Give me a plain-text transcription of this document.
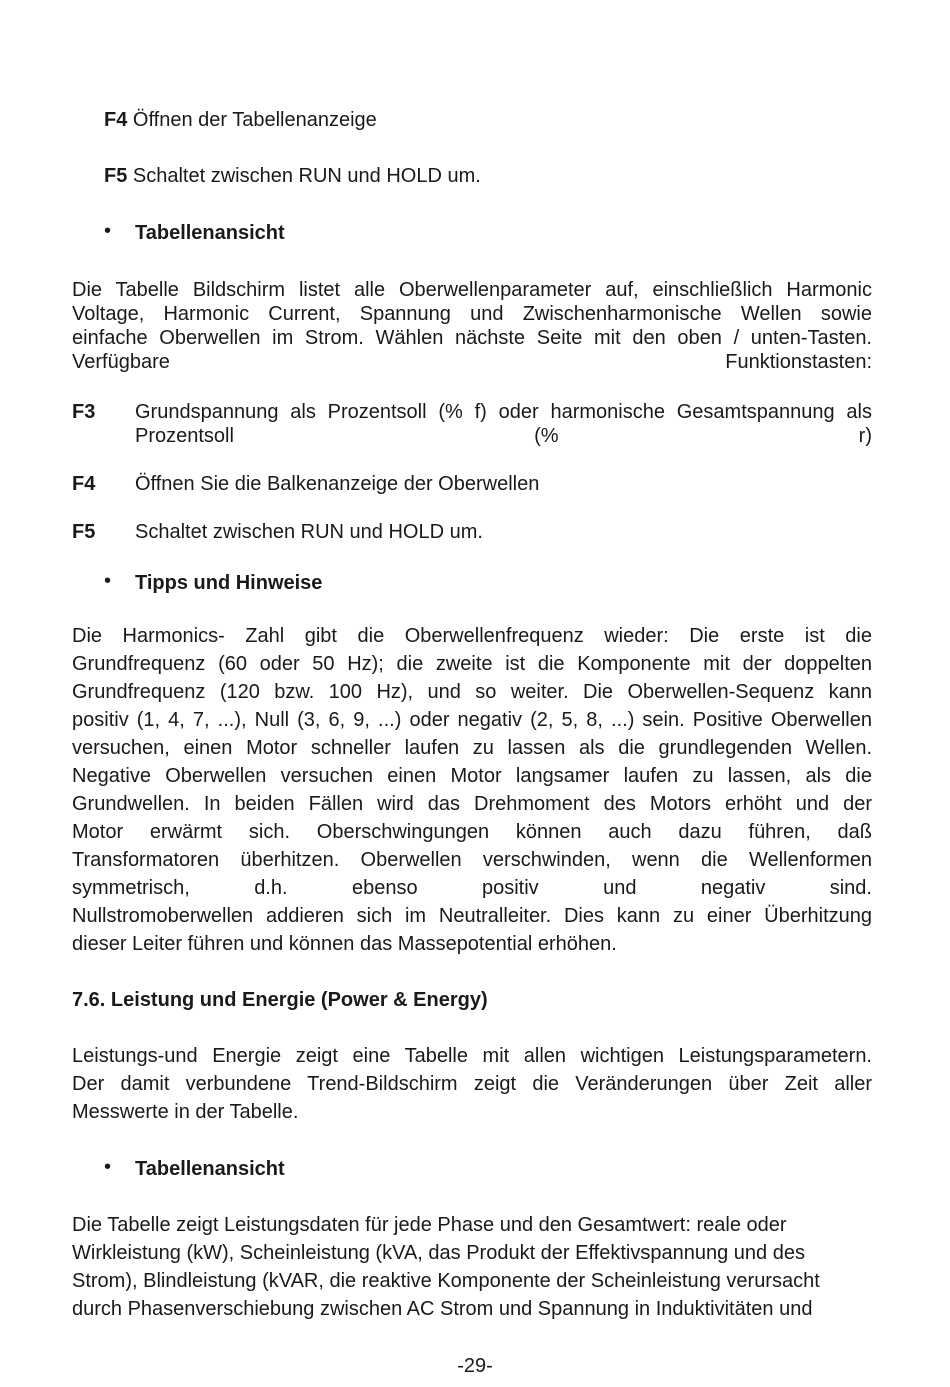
F4 Öffnen der Tabellenanzeige
F5 Schaltet zwischen RUN und HOLD um.
• Tabellenansicht
Die Tabelle Bildschirm listet alle Oberwellenparameter auf, einschließlich Harmonic
Voltage, Harmonic Current, Spannung und Zwischenharmonische Wellen sowie
einfache Oberwellen im Strom. Wählen nächste Seite mit den oben / unten-Tasten.
Verfügbare Funktionstasten:
F3 Grundspannung als Prozentsoll (% f) oder harmonische Gesamtspannung als
Prozentsoll (% r)
F4 Öffnen Sie die Balkenanzeige der Oberwellen
F5 Schaltet zwischen RUN und HOLD um.
• Tipps und Hinweise
Die Harmonics- Zahl gibt die Oberwellenfrequenz wieder: Die erste ist die
Grundfrequenz (60 oder 50 Hz); die zweite ist die Komponente mit der doppelten
Grundfrequenz (120 bzw. 100 Hz), und so weiter. Die Oberwellen-Sequenz kann
positiv (1, 4, 7, ...), Null (3, 6, 9, ...) oder negativ (2, 5, 8, ...) sein. Positive Oberwellen
versuchen, einen Motor schneller laufen zu lassen als die grundlegenden Wellen.
Negative Oberwellen versuchen einen Motor langsamer laufen zu lassen, als die
Grundwellen. In beiden Fällen wird das Drehmoment des Motors erhöht und der
Motor erwärmt sich. Oberschwingungen können auch dazu führen, daß
Transformatoren überhitzen. Oberwellen verschwinden, wenn die Wellenformen
symmetrisch, d.h. ebenso positiv und negativ sind.
Nullstromoberwellen addieren sich im Neutralleiter. Dies kann zu einer Überhitzung
dieser Leiter führen und können das Massepotential erhöhen.
7.6. Leistung und Energie (Power & Energy)
Leistungs-und Energie zeigt eine Tabelle mit allen wichtigen Leistungsparametern.
Der damit verbundene Trend-Bildschirm zeigt die Veränderungen über Zeit aller
Messwerte in der Tabelle.
• Tabellenansicht
Die Tabelle zeigt Leistungsdaten für jede Phase und den Gesamtwert: reale oder
Wirkleistung (kW), Scheinleistung (kVA, das Produkt der Effektivspannung und des
Strom), Blindleistung (kVAR, die reaktive Komponente der Scheinleistung verursacht
durch Phasenverschiebung zwischen AC Strom und Spannung in Induktivitäten und
-29-
